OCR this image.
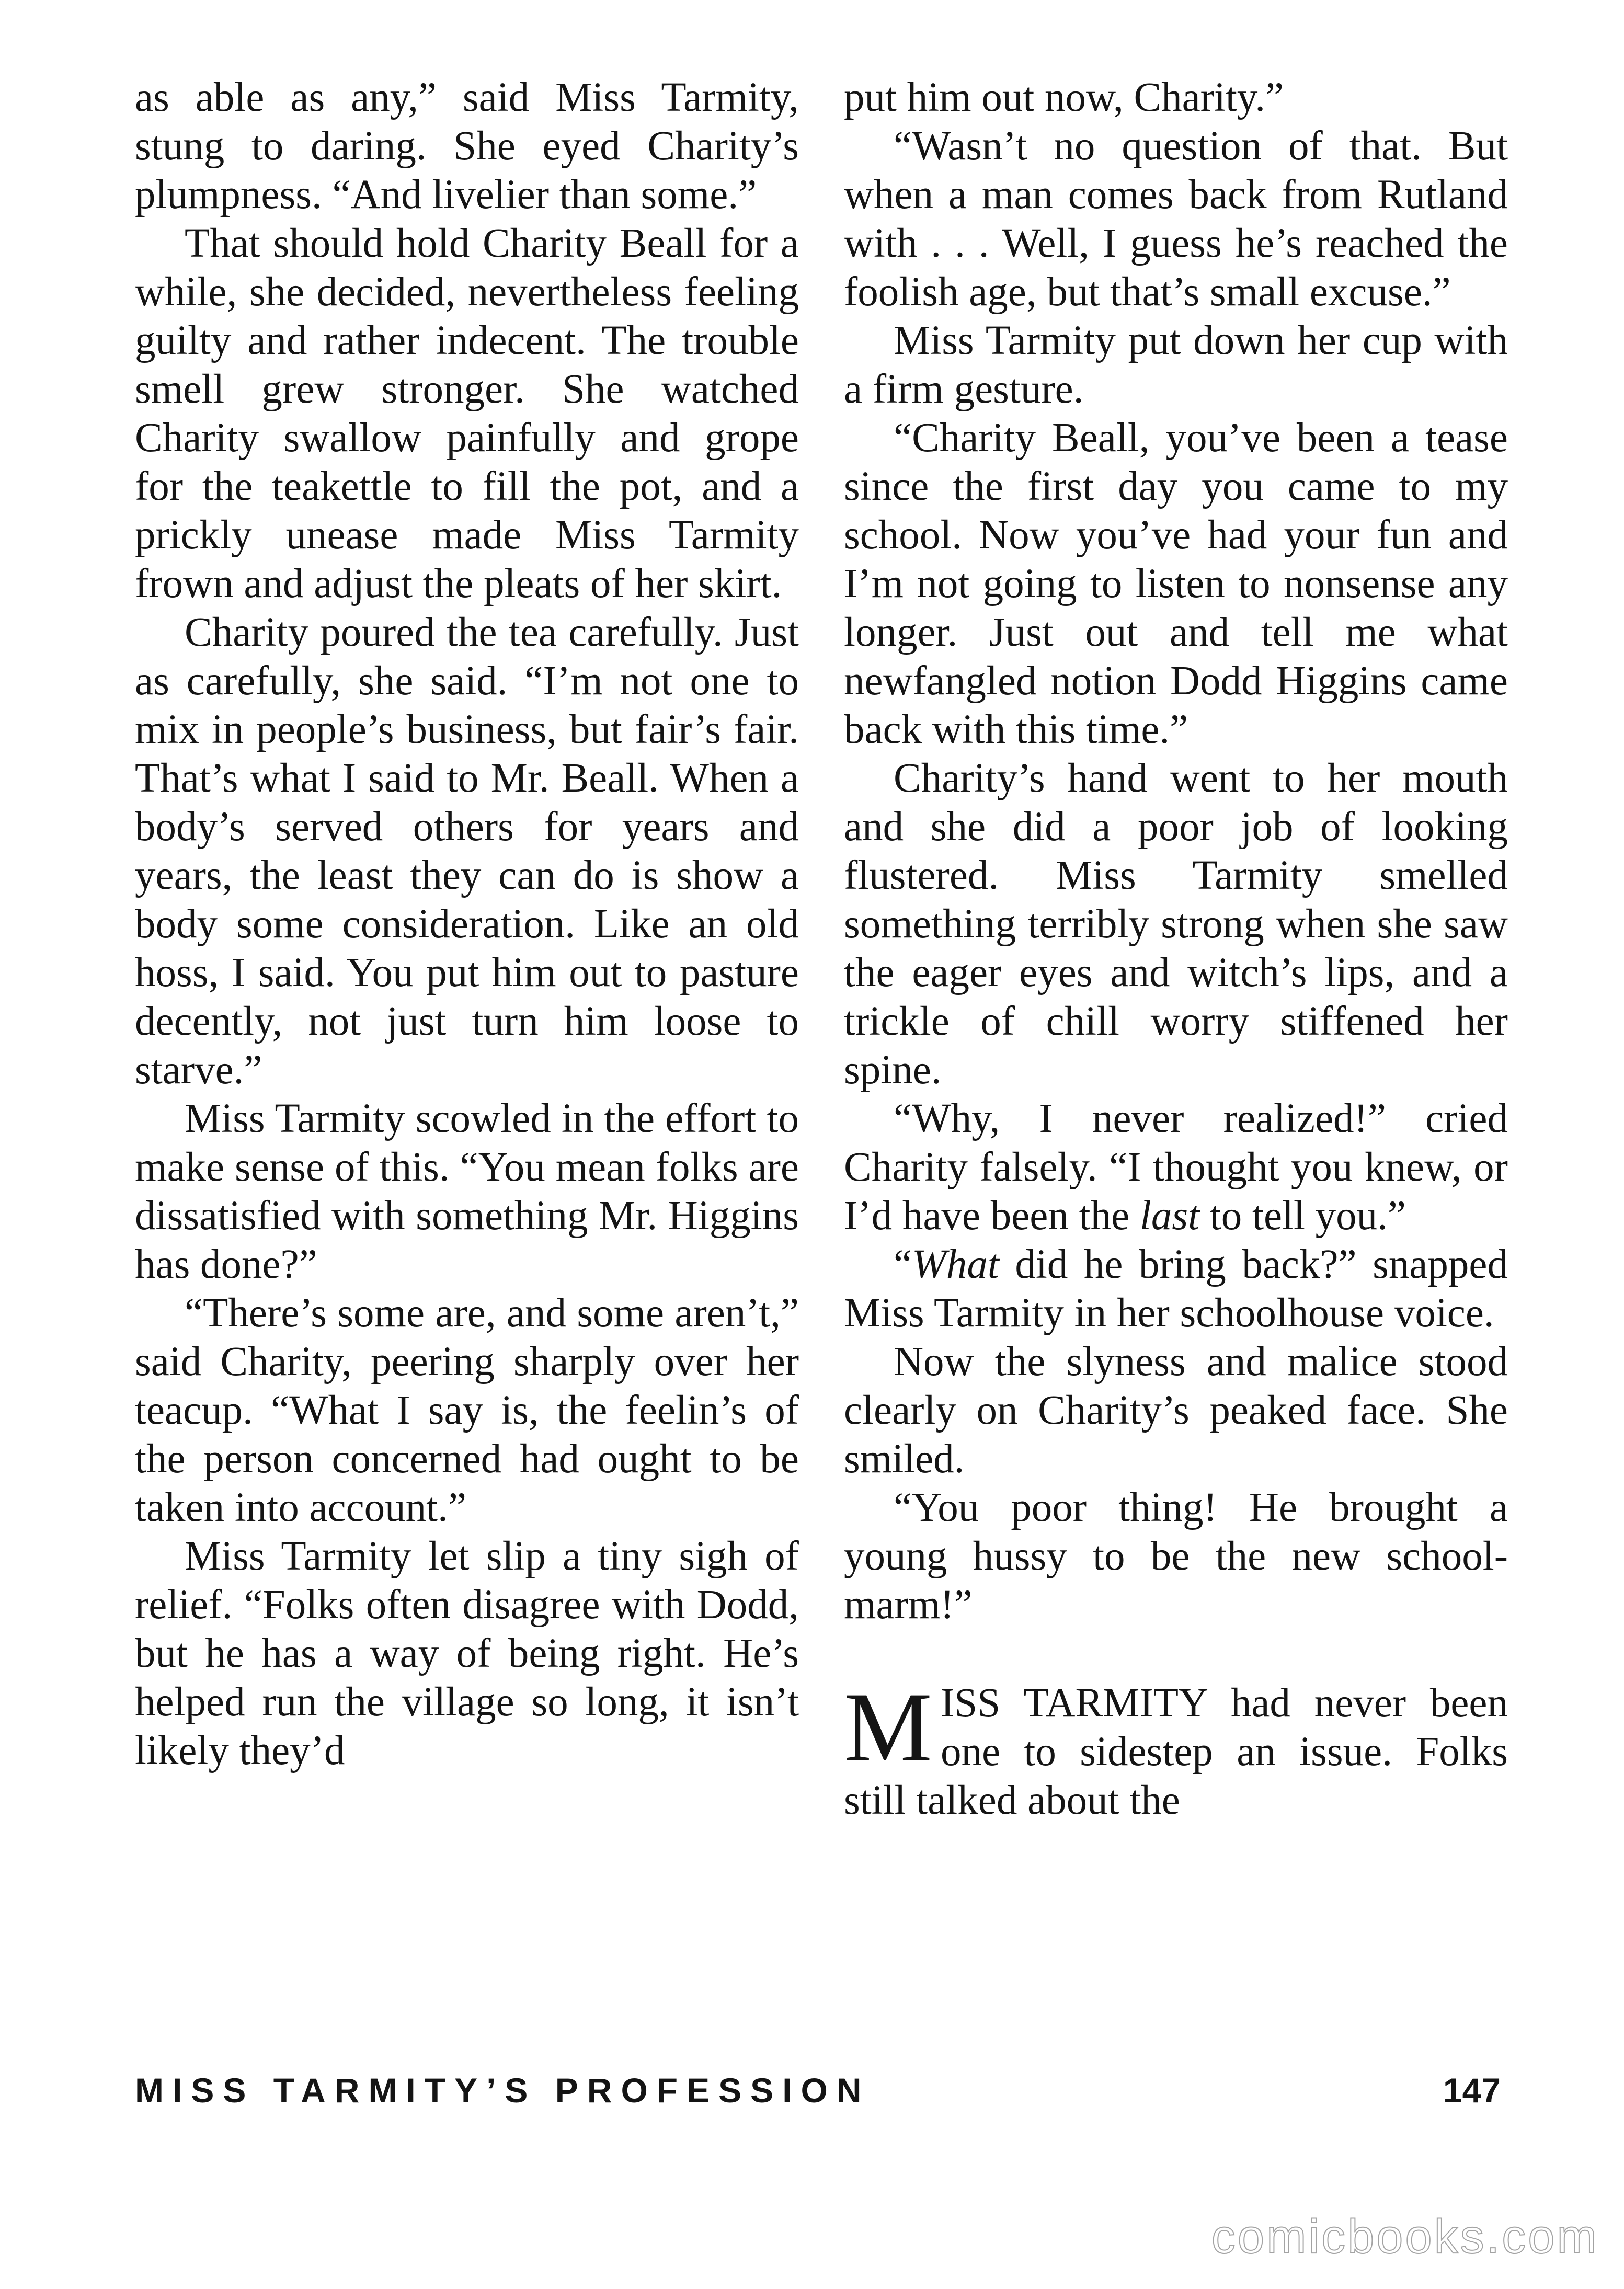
as able as any,” said Miss Tarmity, stung to daring. She eyed Charity’s plumpness. “And livelier than some.”

That should hold Charity Beall for a while, she decided, nevertheless feeling guilty and rather indecent. The trouble smell grew stronger. She watched Charity swallow painfully and grope for the teakettle to fill the pot, and a prickly unease made Miss Tarmity frown and adjust the pleats of her skirt.

Charity poured the tea carefully. Just as carefully, she said. “I’m not one to mix in people’s business, but fair’s fair. That’s what I said to Mr. Beall. When a body’s served others for years and years, the least they can do is show a body some consideration. Like an old hoss, I said. You put him out to pasture decently, not just turn him loose to starve.”

Miss Tarmity scowled in the effort to make sense of this. “You mean folks are dissatisfied with something Mr. Higgins has done?”

“There’s some are, and some aren’t,” said Charity, peering sharply over her teacup. “What I say is, the feelin’s of the person concerned had ought to be taken into account.”

Miss Tarmity let slip a tiny sigh of relief. “Folks often disagree with Dodd, but he has a way of being right. He’s helped run the village so long, it isn’t likely they’d

put him out now, Charity.”

“Wasn’t no question of that. But when a man comes back from Rutland with . . . Well, I guess he’s reached the foolish age, but that’s small excuse.”

Miss Tarmity put down her cup with a firm gesture.

“Charity Beall, you’ve been a tease since the first day you came to my school. Now you’ve had your fun and I’m not going to listen to nonsense any longer. Just out and tell me what newfangled notion Dodd Higgins came back with this time.”

Charity’s hand went to her mouth and she did a poor job of looking flustered. Miss Tarmity smelled something terribly strong when she saw the eager eyes and witch’s lips, and a trickle of chill worry stiffened her spine.

“Why, I never realized!” cried Charity falsely. “I thought you knew, or I’d have been the last to tell you.”

“What did he bring back?” snapped Miss Tarmity in her schoolhouse voice.

Now the slyness and malice stood clearly on Charity’s peaked face. She smiled.

“You poor thing! He brought a young hussy to be the new schoolmarm!”

MISS TARMITY had never been one to sidestep an issue. Folks still talked about the

MISS TARMITY’S PROFESSION	147
comicbooks.com
